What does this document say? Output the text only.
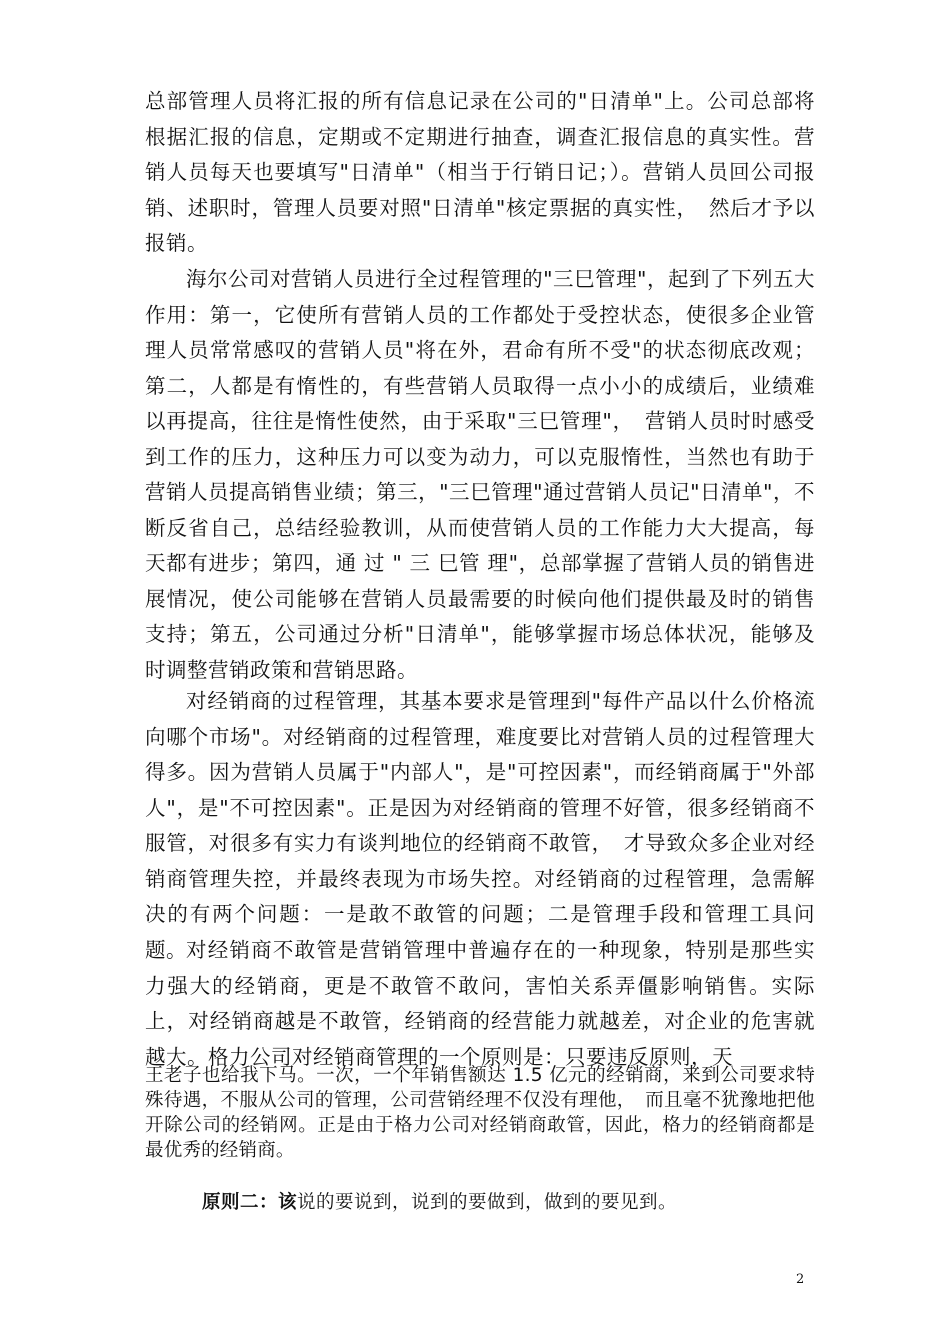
总部管理人员将汇报的所有信息记录在公司的"日清单"上。公司总部将根据汇报的信息，定期或不定期进行抽查，调查汇报信息的真实性。营销人员每天也要填写"日清单"（相当于行销日记；）。营销人员回公司报销、述职时，管理人员要对照"日清单"核定票据的真实性，　然后才予以报销。

海尔公司对营销人员进行全过程管理的"三巳管理"，起到了下列五大作用：第一，它使所有营销人员的工作都处于受控状态，使很多企业管理人员常常感叹的营销人员"将在外，君命有所不受"的状态彻底改观；第二，人都是有惰性的，有些营销人员取得一点小小的成绩后，业绩难以再提高，往往是惰性使然，由于采取"三巳管理"，　营销人员时时感受到工作的压力，这种压力可以变为动力，可以克服惰性，当然也有助于营销人员提高销售业绩；第三，"三巳管理"通过营销人员记"日清单"，不断反省自己，总结经验教训，从而使营销人员的工作能力大大提高，每天都有进步；第四，通 过 " 三 巳管 理"，总部掌握了营销人员的销售进展情况，使公司能够在营销人员最需要的时候向他们提供最及时的销售支持；第五，公司通过分析"日清单"，能够掌握市场总体状况，能够及时调整营销政策和营销思路。

对经销商的过程管理，其基本要求是管理到"每件产品以什么价格流向哪个市场"。对经销商的过程管理，难度要比对营销人员的过程管理大得多。因为营销人员属于"内部人"，是"可控因素"，而经销商属于"外部人"，是"不可控因素"。正是因为对经销商的管理不好管，很多经销商不服管，对很多有实力有谈判地位的经销商不敢管，　才导致众多企业对经销商管理失控，并最终表现为市场失控。对经销商的过程管理，急需解决的有两个问题：一是敢不敢管的问题；二是管理手段和管理工具问题。 对经销商不敢管是营销管理中普遍存在的一种现象，特别是那些实力强大的经销商，更是不敢管不敢问，害怕关系弄僵影响销售。实际上，对经销商越是不敢管，经销商的经营能力就越差，对企业的危害就越大。格力公司对经销商管理的一个原则是：只要违反原则，天

王老子也给我下马。一次，一个年销售额达 1.5 亿元的经销商，来到公司要求特殊待遇，不服从公司的管理，公司营销经理不仅没有理他，　而且毫不犹豫地把他开除公司的经销网。正是由于格力公司对经销商敢管，因此，格力的经销商都是最优秀的经销商。

原则二：该说的要说到，说到的要做到，做到的要见到。

2
